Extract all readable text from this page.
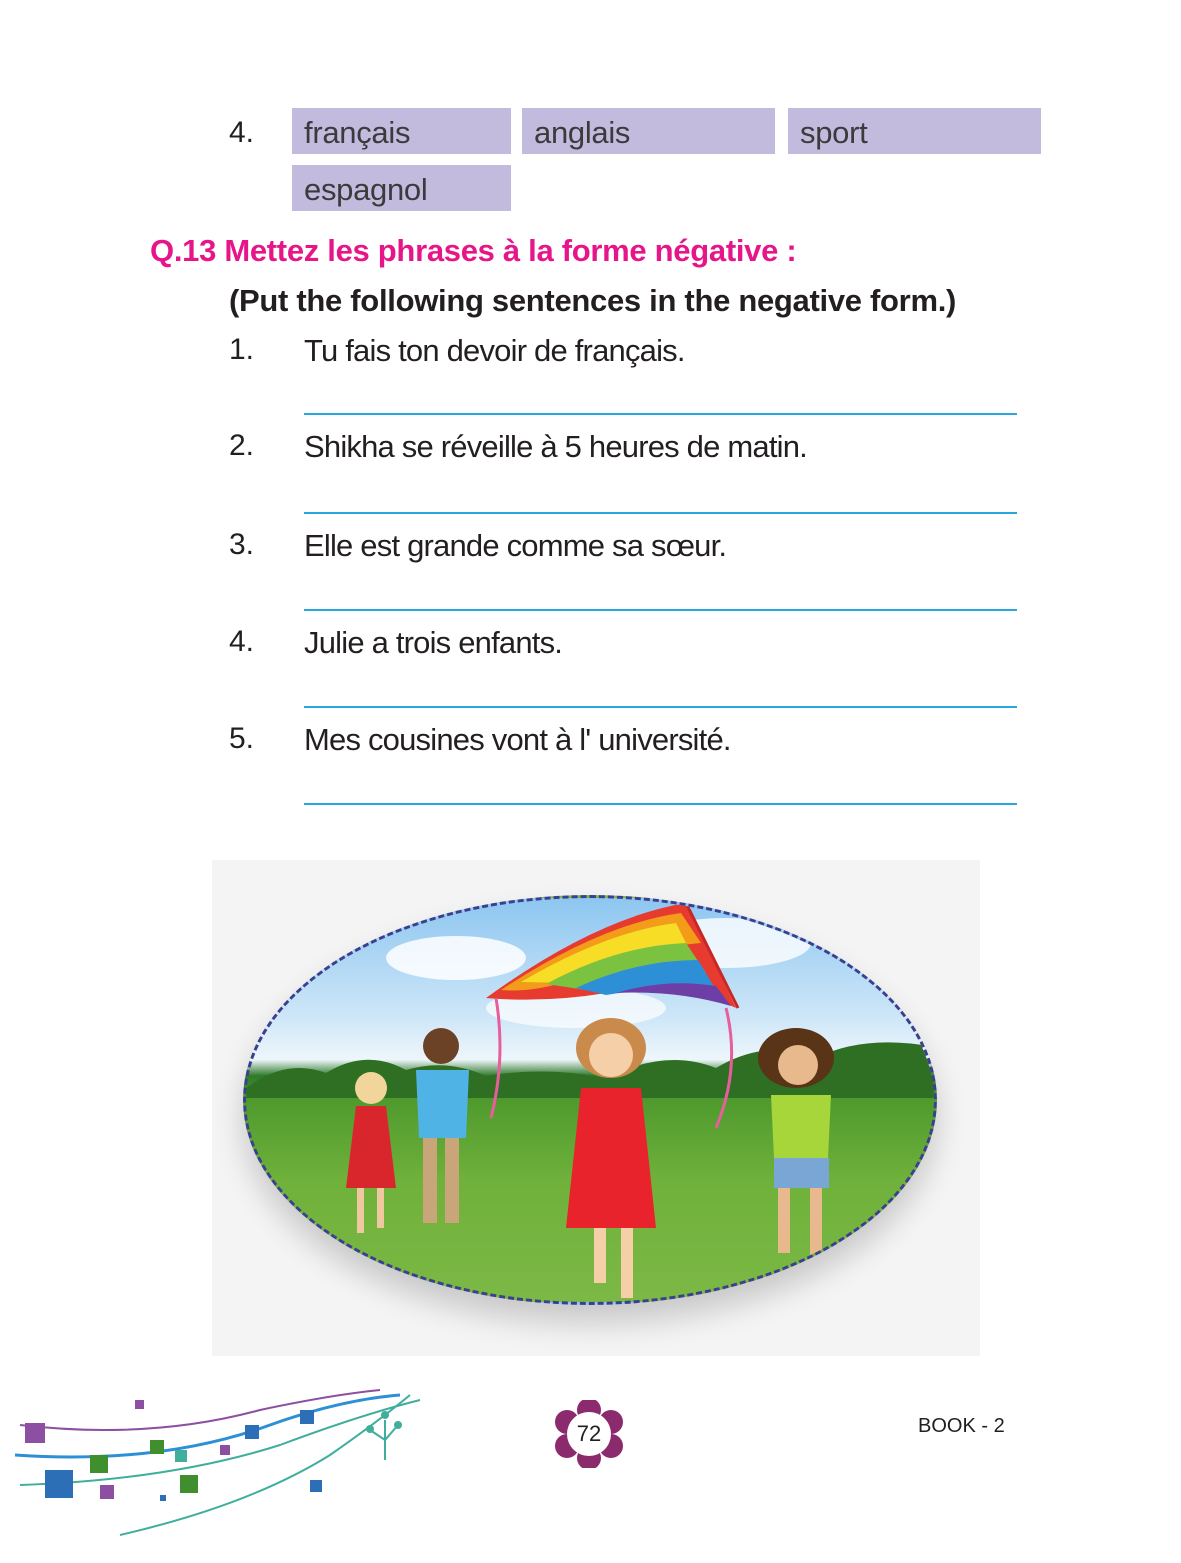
4.	français	anglais	sport
espagnol
Q.13 Mettez les phrases à la forme négative :
(Put the following sentences in the negative form.)
1. Tu fais ton devoir de français.
2. Shikha se réveille à 5 heures de matin.
3. Elle est grande comme sa sœur.
4. Julie a trois enfants.
5. Mes cousines vont à l' université.
72	BOOK - 2
